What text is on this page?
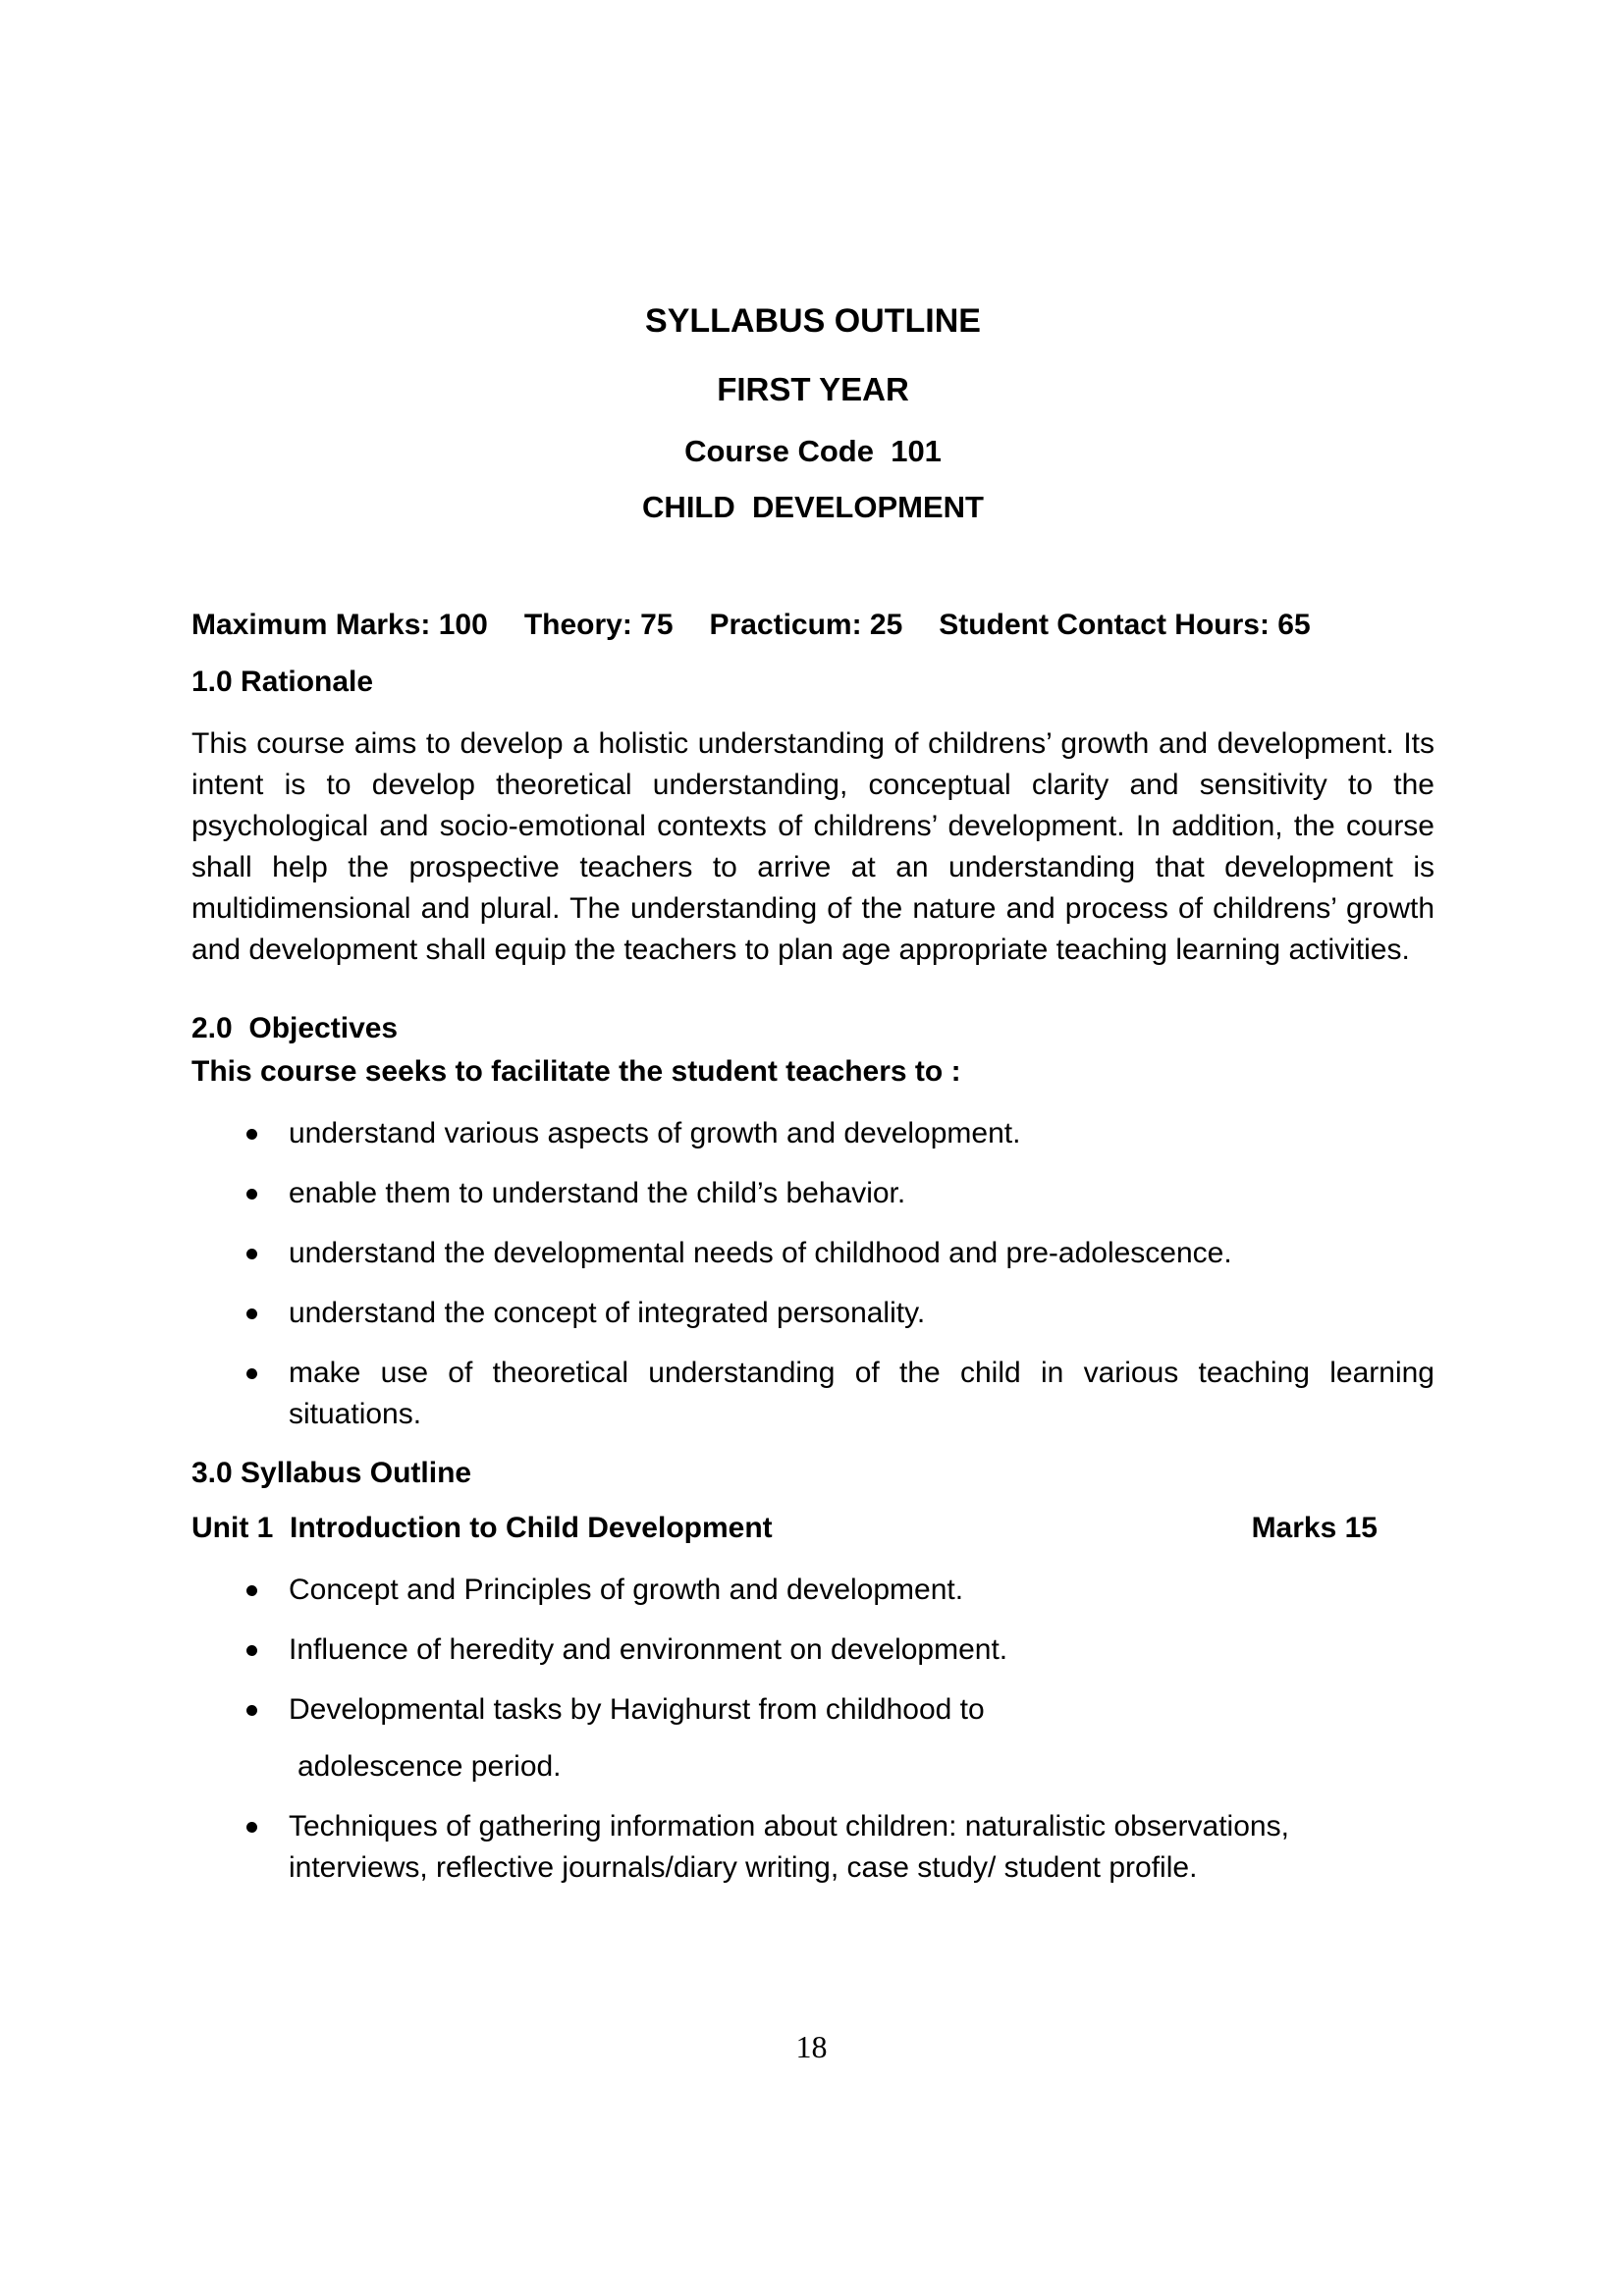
SYLLABUS OUTLINE
FIRST YEAR
Course Code  101
CHILD  DEVELOPMENT
Maximum Marks: 100 Theory: 75 Practicum: 25 Student Contact Hours: 65
1.0 Rationale
This course aims to develop a holistic understanding of childrens’ growth and development. Its intent is to develop theoretical understanding, conceptual clarity and sensitivity to the psychological and socio-emotional contexts of childrens’ development. In addition, the course shall help the prospective teachers to arrive at an understanding that development is multidimensional and plural. The understanding of the nature and process of childrens’ growth and development shall equip the teachers to plan age appropriate teaching learning activities.
2.0  Objectives
This course seeks to facilitate the student teachers to :
understand various aspects of growth and development.
enable them to understand the child’s behavior.
understand the developmental needs of childhood and pre-adolescence.
understand the concept of integrated personality.
make use of theoretical understanding of the child in various teaching learning situations.
3.0 Syllabus Outline
Unit 1  Introduction to Child Development	Marks 15
Concept and Principles of growth and development.
Influence of heredity and environment on development.
Developmental tasks by Havighurst from childhood to
adolescence period.
Techniques of gathering information about children: naturalistic observations, interviews, reflective journals/diary writing, case study/ student profile.
18
